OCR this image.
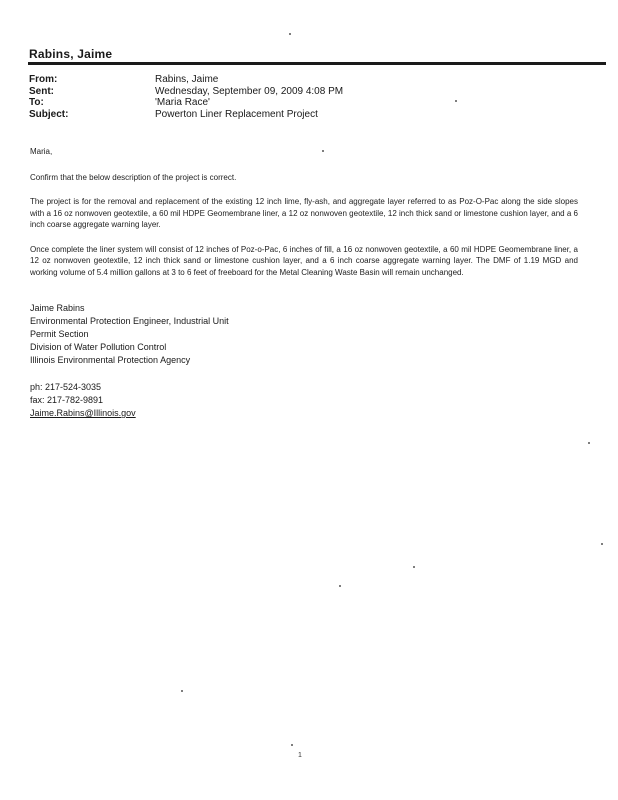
Rabins, Jaime
From:	Rabins, Jaime
Sent:	Wednesday, September 09, 2009 4:08 PM
To:	'Maria Race'
Subject:	Powerton Liner Replacement Project

Maria,

Confirm that the below description of the project is correct.

The project is for the removal and replacement of the existing 12 inch lime, fly-ash, and aggregate layer referred to as Poz-O-Pac along the side slopes with a 16 oz nonwoven geotextile, a 60 mil HDPE Geomembrane liner, a 12 oz nonwoven geotextile, 12 inch thick sand or limestone cushion layer, and a 6 inch coarse aggregate warning layer.

Once complete the liner system will consist of 12 inches of Poz-o-Pac, 6 inches of fill, a 16 oz nonwoven geotextile, a 60 mil HDPE Geomembrane liner, a 12 oz nonwoven geotextile, 12 inch thick sand or limestone cushion layer, and a 6 inch coarse aggregate warning layer. The DMF of 1.19 MGD and working volume of 5.4 million gallons at 3 to 6 feet of freeboard for the Metal Cleaning Waste Basin will remain unchanged.

Jaime Rabins
Environmental Protection Engineer, Industrial Unit
Permit Section
Division of Water Pollution Control
Illinois Environmental Protection Agency
ph: 217-524-3035
fax: 217-782-9891
Jaime.Rabins@Illinois.gov
1
